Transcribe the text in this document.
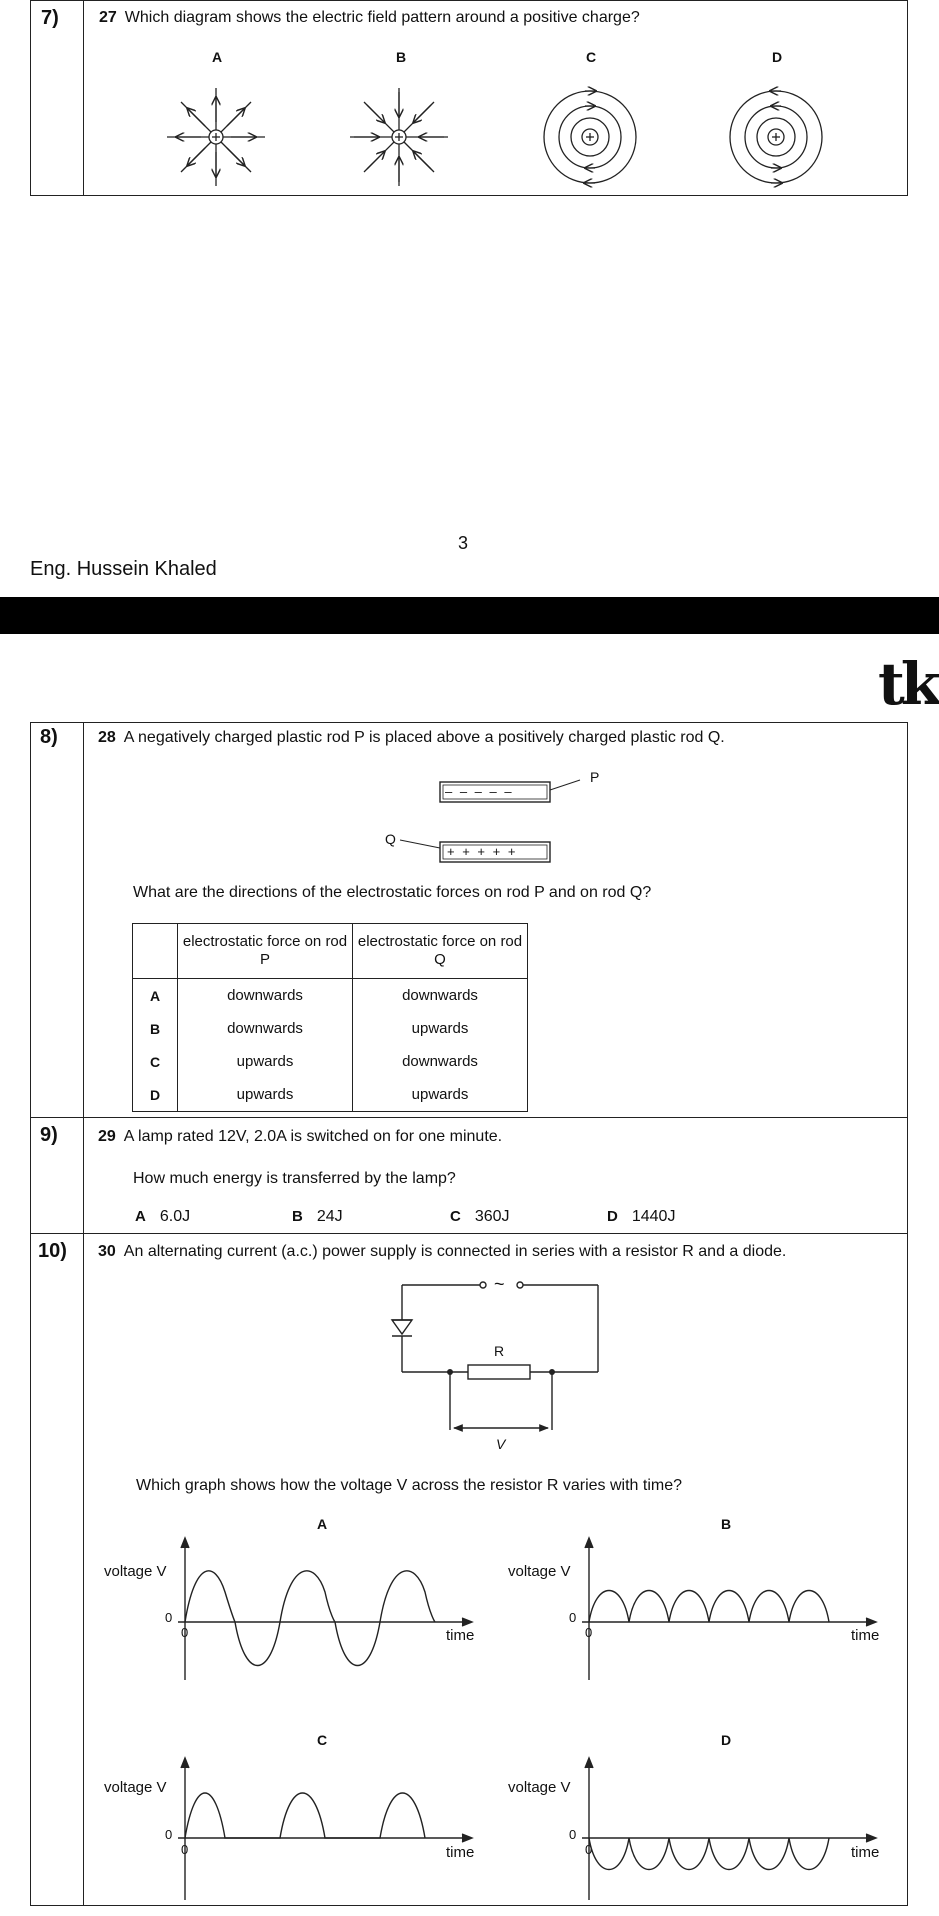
7)	27 Which diagram shows the electric field pattern around a positive charge?
A	B	C	D
3
Eng. Hussein Khaled
tk
8)	28 A negatively charged plastic rod P is placed above a positively charged plastic rod Q.
– – – – –
P
+ + + + +
Q
What are the directions of the electrostatic forces on rod P and on rod Q?
	electrostatic force on rod P	electrostatic force on rod Q
A	downwards	downwards
B	downwards	upwards
C	upwards	downwards
D	upwards	upwards
9)	29 A lamp rated 12V, 2.0A is switched on for one minute.
How much energy is transferred by the lamp?
A 6.0J	B 24J	C 360J	D 1440J
10) 30 An alternating current (a.c.) power supply is connected in series with a resistor R and a diode.
~
R
V
Which graph shows how the voltage V across the resistor R varies with time?
A	B
C	D
voltage V
0
0	time
voltage V
0
0	time
voltage V
0
0	time
voltage V
0
0	time
